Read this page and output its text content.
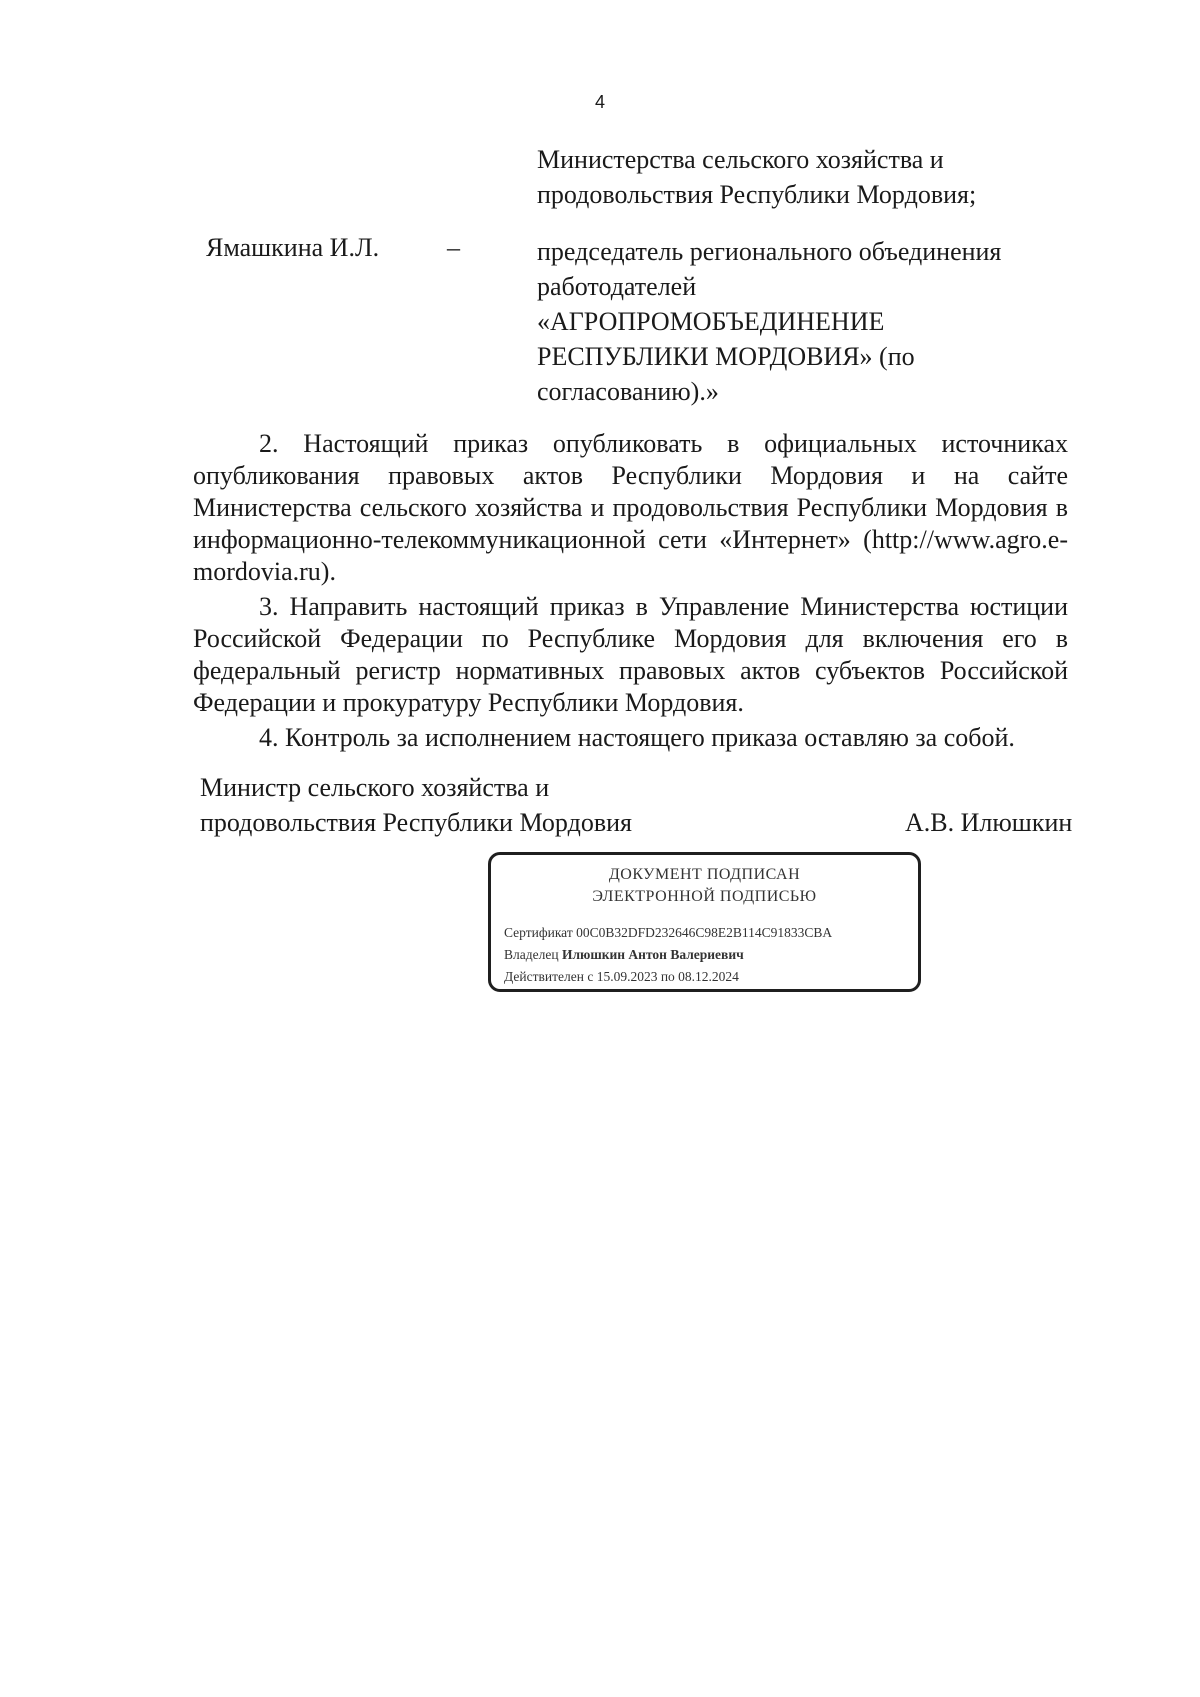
4
Министерства сельского хозяйства и
продовольствия Республики Мордовия;
Ямашкина И.Л.	–	председатель регионального объединения
работодателей
«АГРОПРОМОБЪЕДИНЕНИЕ
РЕСПУБЛИКИ МОРДОВИЯ» (по
согласованию).»

2. Настоящий приказ опубликовать в официальных источниках опубликования правовых актов Республики Мордовия и на сайте Министерства сельского хозяйства и продовольствия Республики Мордовия в информационно-телекоммуникационной сети «Интернет» (http://www.agro.e-mordovia.ru).

3. Направить настоящий приказ в Управление Министерства юстиции Российской Федерации по Республике Мордовия для включения его в федеральный регистр нормативных правовых актов субъектов Российской Федерации и прокуратуру Республики Мордовия.

4. Контроль за исполнением настоящего приказа оставляю за собой.

Министр сельского хозяйства и
продовольствия Республики Мордовия	А.В. Илюшкин
ДОКУМЕНТ ПОДПИСАН
ЭЛЕКТРОННОЙ ПОДПИСЬЮ
Сертификат 00C0B32DFD232646C98E2B114C91833CBA
Владелец Илюшкин Антон Валериевич
Действителен с 15.09.2023 по 08.12.2024
